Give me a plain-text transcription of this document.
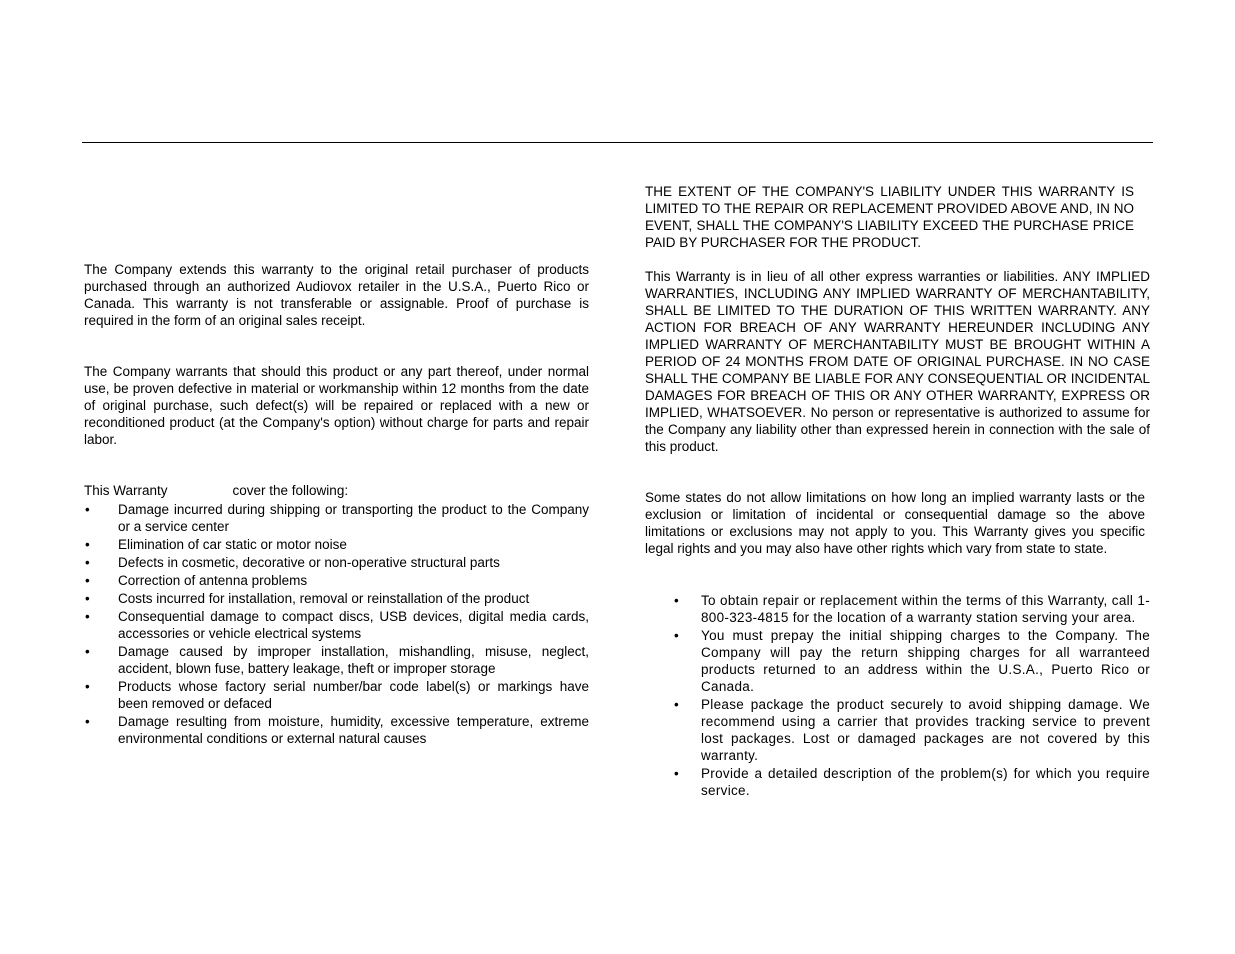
The Company extends this warranty to the original retail purchaser of products purchased through an authorized Audiovox retailer in the U.S.A., Puerto Rico or Canada. This warranty is not transferable or assignable. Proof of purchase is required in the form of an original sales receipt.

The Company warrants that should this product or any part thereof, under normal use, be proven defective in material or workmanship within 12 months from the date of original purchase, such defect(s) will be repaired or replaced with a new or reconditioned product (at the Company's option) without charge for parts and repair labor.

This Warranty	cover the following:

• Damage incurred during shipping or transporting the product to the Company or a service center
• Elimination of car static or motor noise
• Defects in cosmetic, decorative or non-operative structural parts
• Correction of antenna problems
• Costs incurred for installation, removal or reinstallation of the product
• Consequential damage to compact discs, USB devices, digital media cards, accessories or vehicle electrical systems
• Damage caused by improper installation, mishandling, misuse, neglect, accident, blown fuse, battery leakage, theft or improper storage
• Products whose factory serial number/bar code label(s) or markings have been removed or defaced
• Damage resulting from moisture, humidity, excessive temperature, extreme environmental conditions or external natural causes

THE EXTENT OF THE COMPANY'S LIABILITY UNDER THIS WARRANTY IS LIMITED TO THE REPAIR OR REPLACEMENT PROVIDED ABOVE AND, IN NO EVENT, SHALL THE COMPANY'S LIABILITY EXCEED THE PURCHASE PRICE PAID BY PURCHASER FOR THE PRODUCT.

This Warranty is in lieu of all other express warranties or liabilities. ANY IMPLIED WARRANTIES, INCLUDING ANY IMPLIED WARRANTY OF MERCHANTABILITY, SHALL BE LIMITED TO THE DURATION OF THIS WRITTEN WARRANTY. ANY ACTION FOR BREACH OF ANY WARRANTY HEREUNDER INCLUDING ANY IMPLIED WARRANTY OF MERCHANTABILITY MUST BE BROUGHT WITHIN A PERIOD OF 24 MONTHS FROM DATE OF ORIGINAL PURCHASE. IN NO CASE SHALL THE COMPANY BE LIABLE FOR ANY CONSEQUENTIAL OR INCIDENTAL DAMAGES FOR BREACH OF THIS OR ANY OTHER WARRANTY, EXPRESS OR IMPLIED, WHATSOEVER. No person or representative is authorized to assume for the Company any liability other than expressed herein in connection with the sale of this product.

Some states do not allow limitations on how long an implied warranty lasts or the exclusion or limitation of incidental or consequential damage so the above limitations or exclusions may not apply to you. This Warranty gives you specific legal rights and you may also have other rights which vary from state to state.

• To obtain repair or replacement within the terms of this Warranty, call 1-800-323-4815 for the location of a warranty station serving your area.
• You must prepay the initial shipping charges to the Company. The Company will pay the return shipping charges for all warranteed products returned to an address within the U.S.A., Puerto Rico or Canada.
• Please package the product securely to avoid shipping damage. We recommend using a carrier that provides tracking service to prevent lost packages. Lost or damaged packages are not covered by this warranty.
• Provide a detailed description of the problem(s) for which you require service.
